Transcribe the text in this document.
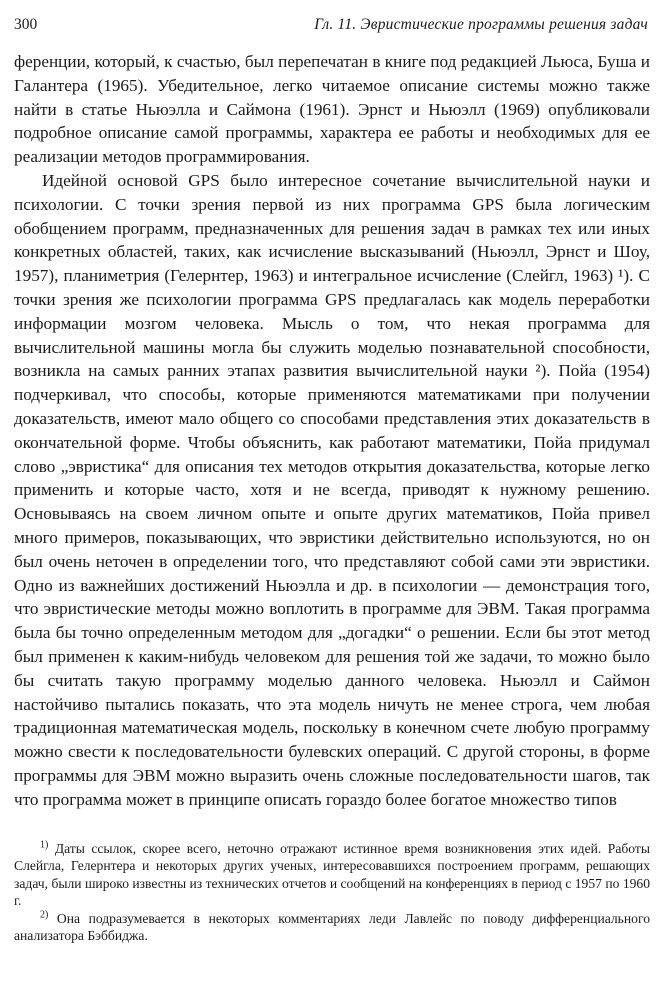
300	Гл. 11. Эвристические программы решения задач

ференции, который, к счастью, был перепечатан в книге под редакцией Льюса, Буша и Галантера (1965). Убедительное, легко читаемое описание системы можно также найти в статье Ньюэлла и Саймона (1961). Эрнст и Ньюэлл (1969) опубликовали подробное описание самой программы, характера ее работы и необходимых для ее реализации методов программирования.

Идейной основой GPS было интересное сочетание вычислительной науки и психологии. С точки зрения первой из них программа GPS была логическим обобщением программ, предназначенных для решения задач в рамках тех или иных конкретных областей, таких, как исчисление высказываний (Ньюэлл, Эрнст и Шоу, 1957), планиметрия (Гелернтер, 1963) и интегральное исчисление (Слейгл, 1963) ¹). С точки зрения же психологии программа GPS предлагалась как модель переработки информации мозгом человека. Мысль о том, что некая программа для вычислительной машины могла бы служить моделью познавательной способности, возникла на самых ранних этапах развития вычислительной науки ²). Пойа (1954) подчеркивал, что способы, которые применяются математиками при получении доказательств, имеют мало общего со способами представления этих доказательств в окончательной форме. Чтобы объяснить, как работают математики, Пойа придумал слово „эвристика“ для описания тех методов открытия доказательства, которые легко применить и которые часто, хотя и не всегда, приводят к нужному решению. Основываясь на своем личном опыте и опыте других математиков, Пойа привел много примеров, показывающих, что эвристики действительно используются, но он был очень неточен в определении того, что представляют собой сами эти эвристики. Одно из важнейших достижений Ньюэлла и др. в психологии — демонстрация того, что эвристические методы можно воплотить в программе для ЭВМ. Такая программа была бы точно определенным методом для „догадки“ о решении. Если бы этот метод был применен к каким-нибудь человеком для решения той же задачи, то можно было бы считать такую программу моделью данного человека. Ньюэлл и Саймон настойчиво пытались показать, что эта модель ничуть не менее строга, чем любая традиционная математическая модель, поскольку в конечном счете любую программу можно свести к последовательности булевских операций. С другой стороны, в форме программы для ЭВМ можно выразить очень сложные последовательности шагов, так что программа может в принципе описать гораздо более богатое множество типов

$^{1)}$ Даты ссылок, скорее всего, неточно отражают истинное время возникновения этих идей. Работы Слейгла, Гелернтера и некоторых других ученых, интересовавшихся построением программ, решающих задач, были широко известны из технических отчетов и сообщений на конференциях в период с 1957 по 1960 г.

$^{2)}$ Она подразумевается в некоторых комментариях леди Лавлейс по поводу дифференциального анализатора Бэббиджа.
